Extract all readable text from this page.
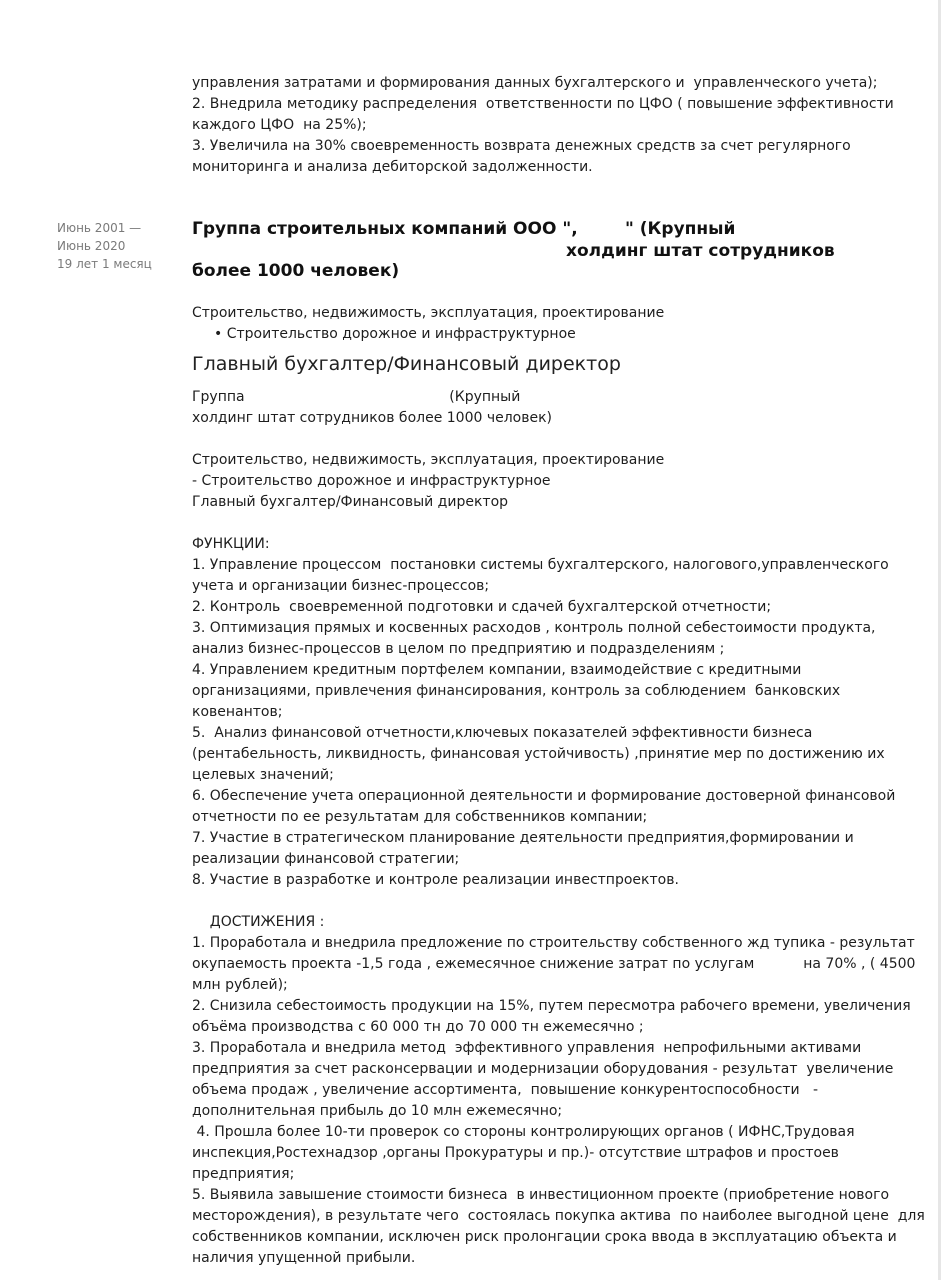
управления затратами и формирования данных бухгалтерского и  управленческого учета);
2. Внедрила методику распределения  ответственности по ЦФО ( повышение эффективности
каждого ЦФО  на 25%);
3. Увеличила на 30% своевременность возврата денежных средств за счет регулярного
мониторинга и анализа дебиторской задолженности.
Июнь 2001 —
Июнь 2020
19 лет 1 месяц
Группа строительных компаний ООО ",        " (Крупный
холдинг штат сотрудников
более 1000 человек)
Строительство, недвижимость, эксплуатация, проектирование
• Строительство дорожное и инфраструктурное
Главный бухгалтер/Финансовый директор
Группа                                              (Крупный
холдинг штат сотрудников более 1000 человек)
Строительство, недвижимость, эксплуатация, проектирование
- Строительство дорожное и инфраструктурное
Главный бухгалтер/Финансовый директор
ФУНКЦИИ:
1. Управление процессом  постановки системы бухгалтерского, налогового,управленческого
учета и организации бизнес-процессов;
2. Контроль  своевременной подготовки и сдачей бухгалтерской отчетности;
3. Оптимизация прямых и косвенных расходов , контроль полной себестоимости продукта,
анализ бизнес-процессов в целом по предприятию и подразделениям ;
4. Управлением кредитным портфелем компании, взаимодействие с кредитными
организациями, привлечения финансирования, контроль за соблюдением  банковских
ковенантов;
5.  Анализ финансовой отчетности,ключевых показателей эффективности бизнеса
(рентабельность, ликвидность, финансовая устойчивость) ,принятие мер по достижению их
целевых значений;
6. Обеспечение учета операционной деятельности и формирование достоверной финансовой
отчетности по ее результатам для собственников компании;
7. Участие в стратегическом планирование деятельности предприятия,формировании и
реализации финансовой стратегии;
8. Участие в разработке и контроле реализации инвестпроектов.
ДОСТИЖЕНИЯ :
1. Проработала и внедрила предложение по строительству собственного жд тупика - результат
окупаемость проекта -1,5 года , ежемесячное снижение затрат по услугам           на 70% , ( 4500
млн рублей);
2. Снизила себестоимость продукции на 15%, путем пересмотра рабочего времени, увеличения
объёма производства с 60 000 тн до 70 000 тн ежемесячно ;
3. Проработала и внедрила метод  эффективного управления  непрофильными активами
предприятия за счет расконсервации и модернизации оборудования - результат  увеличение
объема продаж , увеличение ассортимента,  повышение конкурентоспособности   -
дополнительная прибыль до 10 млн ежемесячно;
4. Прошла более 10-ти проверок со стороны контролирующих органов ( ИФНС,Трудовая
инспекция,Ростехнадзор ,органы Прокуратуры и пр.)- отсутствие штрафов и простоев
предприятия;
5. Выявила завышение стоимости бизнеса  в инвестиционном проекте (приобретение нового
месторождения), в результате чего  состоялась покупка актива  по наиболее выгодной цене  для
собственников компании, исключен риск пролонгации срока ввода в эксплуатацию объекта и
наличия упущенной прибыли.
